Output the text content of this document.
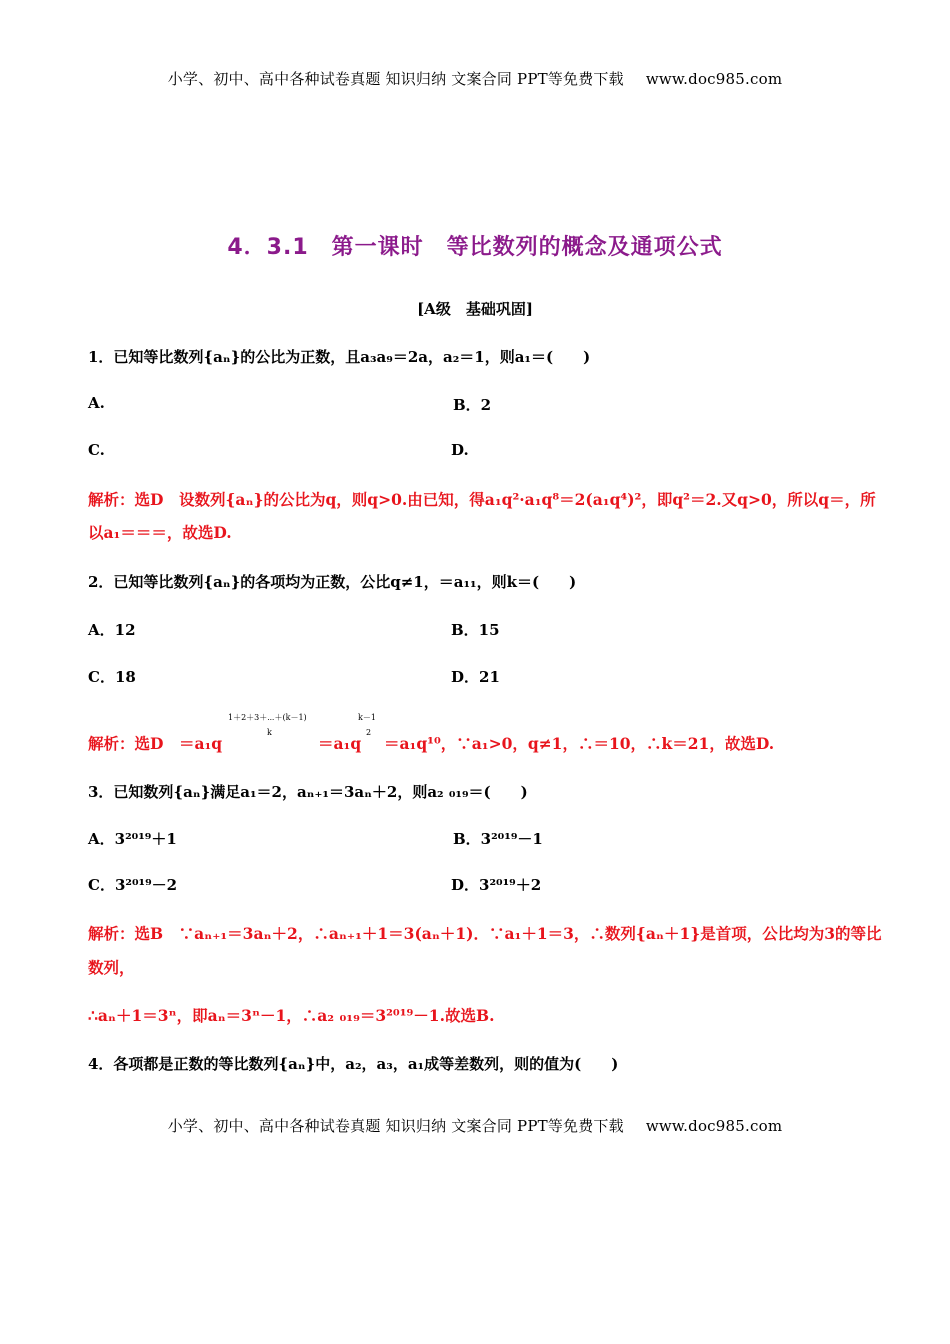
小学、初中、高中各种试卷真题 知识归纳 文案合同 PPT等免费下载 www.doc985.com
4．3.1　第一课时　等比数列的概念及通项公式
[A级　基础巩固]
1．已知等比数列{aₙ}的公比为正数，且a₃a₉＝2a，a₂＝1，则a₁＝(　　)
A.	B．2
C.	D.
解析：选D　设数列{aₙ}的公比为q，则q>0.由已知，得a₁q²·a₁q⁸＝2(a₁q⁴)²，即q²＝2.又q>0，所以q＝，所
以a₁＝＝＝，故选D.
2．已知等比数列{aₙ}的各项均为正数，公比q≠1，＝a₁₁，则k＝(　　)
A．12	B．15
C．18	D．21
1＋2＋3＋⋯＋(k－1)
k
k－1
2
解析：选D　＝a₁q	＝a₁q ＝a₁q¹⁰，∵a₁>0，q≠1，∴＝10，∴k＝21，故选D.
3．已知数列{aₙ}满足a₁＝2，aₙ₊₁＝3aₙ＋2，则a₂ ₀₁₉＝(　　)
A．3²⁰¹⁹＋1	B．3²⁰¹⁹－1
C．3²⁰¹⁹－2	D．3²⁰¹⁹＋2
解析：选B　∵aₙ₊₁＝3aₙ＋2，∴aₙ₊₁＋1＝3(aₙ＋1)．∵a₁＋1＝3，∴数列{aₙ＋1}是首项，公比均为3的等比
数列，
∴aₙ＋1＝3ⁿ，即aₙ＝3ⁿ－1，∴a₂ ₀₁₉＝3²⁰¹⁹－1.故选B.
4．各项都是正数的等比数列{aₙ}中，a₂，a₃，a₁成等差数列，则的值为(　　)
小学、初中、高中各种试卷真题 知识归纳 文案合同 PPT等免费下载 www.doc985.com
